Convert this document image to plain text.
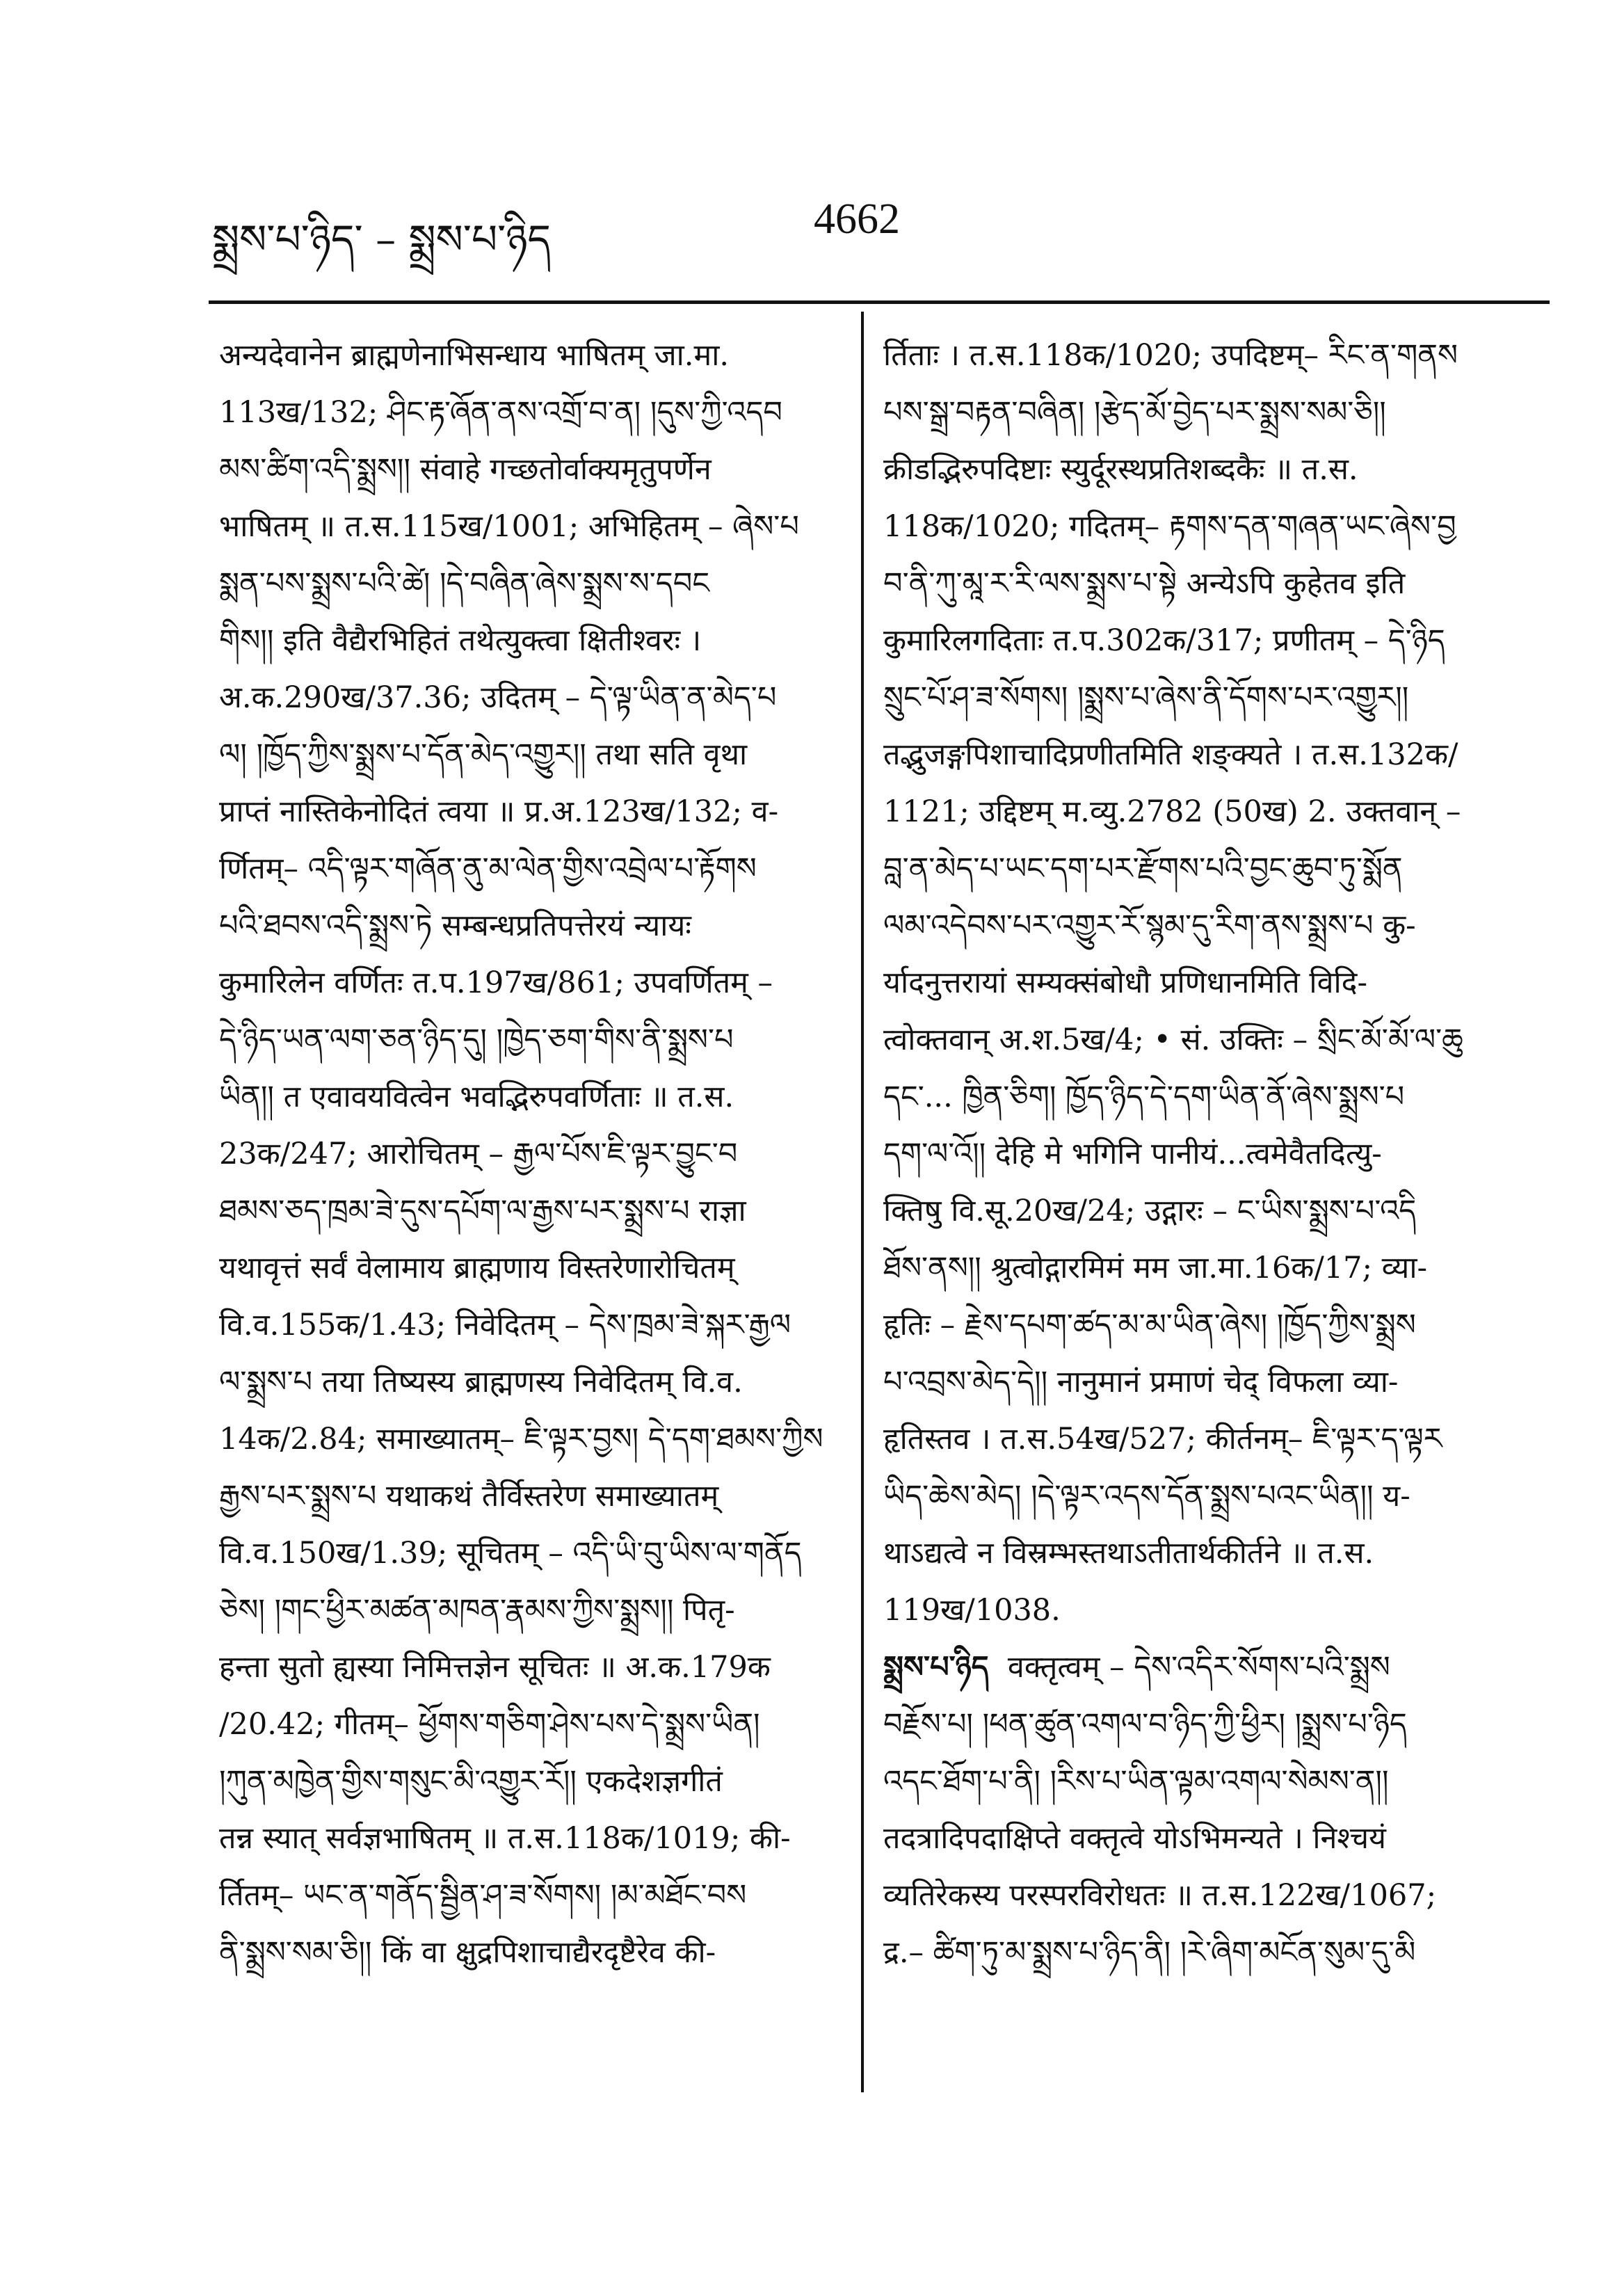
སྨྲས་པ་ཉིད་ – སྨྲས་པ་ཉིད	4662

अन्यदेवानेन ब्राह्मणेनाभिसन्धाय भाषितम् जा.मा.

113ख/132; ཤིང་རྟ་ཞོན་ནས་འགྲོ་བ་ན། །དུས་ཀྱི་འདབ

མས་ཚིག་འདི་སྨྲས།། संवाहे गच्छतोर्वाक्यमृतुपर्णेन

भाषितम् ॥ त.स.115ख/1001; अभिहितम् – ཞེས་པ

སྨན་པས་སྨྲས་པའི་ཚེ། །དེ་བཞིན་ཞེས་སྨྲས་ས་དབང

གིས།། इति वैद्यैरभिहितं तथेत्युक्त्वा क्षितीश्वरः ।

अ.क.290ख/37.36; उदितम् – དེ་ལྟ་ཡིན་ན་མེད་པ

ལ། །ཁྱོད་ཀྱིས་སྨྲས་པ་དོན་མེད་འགྱུར།། तथा सति वृथा

प्राप्तं नास्तिकेनोदितं त्वया ॥ प्र.अ.123ख/132; व-

र्णितम्– འདི་ལྟར་གཞོན་ནུ་མ་ལེན་གྱིས་འབྲེལ་པ་རྟོགས

པའི་ཐབས་འདི་སྨྲས་ཏེ सम्बन्धप्रतिपत्तेरयं न्यायः

कुमारिलेन वर्णितः त.प.197ख/861; उपवर्णितम् –

དེ་ཉིད་ཡན་ལག་ཅན་ཉིད་དུ། །ཁྱེད་ཅག་གིས་ནི་སྨྲས་པ

ཡིན།། त एवावयवित्वेन भवद्भिरुपवर्णिताः ॥ त.स.

23क/247; आरोचितम् – རྒྱལ་པོས་ཇི་ལྟར་བྱུང་བ

ཐམས་ཅད་ཁྲམ་ཟེ་དུས་དཔོག་ལ་རྒྱས་པར་སྨྲས་པ राज्ञा

यथावृत्तं सर्वं वेलामाय ब्राह्मणाय विस्तरेणारोचितम्

वि.व.155क/1.43; निवेदितम् – དེས་ཁྲམ་ཟེ་སྐར་རྒྱལ

ལ་སྨྲས་པ तया तिष्यस्य ब्राह्मणस्य निवेदितम् वि.व.

14क/2.84; समाख्यातम्– ཇི་ལྟར་བྱས། དེ་དག་ཐམས་ཀྱིས

རྒྱས་པར་སྨྲས་པ यथाकथं तैर्विस्तरेण समाख्यातम्

वि.व.150ख/1.39; सूचितम् – འདི་ཡི་བུ་ཡིས་ལ་གནོད

ཅེས། །གང་ཕྱིར་མཚན་མཁན་རྣམས་ཀྱིས་སྨྲས།། पितृ-

हन्ता सुतो ह्यस्या निमित्तज्ञेन सूचितः ॥ अ.क.179क

/20.42; गीतम्– ཕྱོགས་གཅིག་ཤེས་པས་དེ་སྨྲས་ཡིན།

།ཀུན་མཁྱེན་གྱིས་གསུང་མི་འགྱུར་རོ།། एकदेशज्ञगीतं

तन्न स्यात् सर्वज्ञभाषितम् ॥ त.स.118क/1019; की-

र्तितम्– ཡང་ན་གནོད་སྦྱིན་ཤ་ཟ་སོགས། །མ་མཐོང་བས

ནི་སྨྲས་སམ་ཅི།། किं वा क्षुद्रपिशाचाद्यैरदृष्टैरेव की-

र्तिताः । त.स.118क/1020; उपदिष्टम्– རིང་ན་གནས

པས་སྒྲ་བརྟན་བཞིན། །རྩེད་མོ་བྱེད་པར་སྨྲས་སམ་ཅི།།

क्रीडद्भिरुपदिष्टाः स्युर्दूरस्थप्रतिशब्दकैः ॥ त.स.

118क/1020; गदितम्– རྟགས་དན་གཞན་ཡང་ཞེས་བྱ

བ་ནི་ཀུ་མཱ་ར་རི་ལས་སྨྲས་པ་སྟེ अन्येऽपि कुहेतव इति

कुमारिलगदिताः त.प.302क/317; प्रणीतम् – དེ་ཉིད

སྲུང་པོ་ཤ་ཟ་སོགས། །སྨྲས་པ་ཞེས་ནི་དོགས་པར་འགྱུར།།

तद्भुजङ्गपिशाचादिप्रणीतमिति शङ्क्यते । त.स.132क/

1121; उद्दिष्टम् म.व्यु.2782 (50ख) 2. उक्तवान् –

བླ་ན་མེད་པ་ཡང་དག་པར་རྫོགས་པའི་བྱང་ཆུབ་ཏུ་སྨོན

ལམ་འདེབས་པར་འགྱུར་རོ་སྙམ་དུ་རིག་ནས་སྨྲས་པ कु-

र्यादनुत्तरायां सम्यक्संबोधौ प्रणिधानमिति विदि-

त्वोक्तवान् अ.श.5ख/4; • सं. उक्तिः – སྲིང་མོ་མོ་ལ་ཆུ

དང་... ཁྱིན་ཅིག། ཁྱོད་ཉིད་དེ་དག་ཡིན་ནོ་ཞེས་སྨྲས་པ

དག་ལ་འོ།། देहि मे भगिनि पानीयं...त्वमेवैतदित्यु-

क्तिषु वि.सू.20ख/24; उद्गारः – ང་ཡིས་སྨྲས་པ་འདི

ཐོས་ནས།། श्रुत्वोद्गारमिमं मम जा.मा.16क/17; व्या-

हृतिः – རྗེས་དཔག་ཚད་མ་མ་ཡིན་ཞེས། །ཁྱོད་ཀྱིས་སྨྲས

པ་འབྲས་མེད་དེ།། नानुमानं प्रमाणं चेद् विफला व्या-

हृतिस्तव । त.स.54ख/527; कीर्तनम्– ཇི་ལྟར་ད་ལྟར

ཡིད་ཆེས་མེད། །དེ་ལྟར་འདས་དོན་སྨྲས་པའང་ཡིན།། य-

थाऽद्यत्वे न विस्रम्भस्तथाऽतीतार्थकीर्तने ॥ त.स.

119ख/1038.

སྨྲས་པ་ཉིད वक्तृत्वम् – དེས་འདིར་སོགས་པའི་སྨྲས

བརྗོས་པ། །ཕན་ཚུན་འགལ་བ་ཉིད་ཀྱི་ཕྱིར། །སྨྲས་པ་ཉིད

འདང་ཐོག་པ་ནི། །རིས་པ་ཡིན་ལྟམ་འགལ་སེམས་ན།།

तदत्रादिपदाक्षिप्ते वक्तृत्वे योऽभिमन्यते । निश्चयं

व्यतिरेकस्य परस्परविरोधतः ॥ त.स.122ख/1067;

द्र.– ཚིག་ཏུ་མ་སྨྲས་པ་ཉིད་ནི། །རེ་ཞིག་མངོན་སུམ་དུ་མི
